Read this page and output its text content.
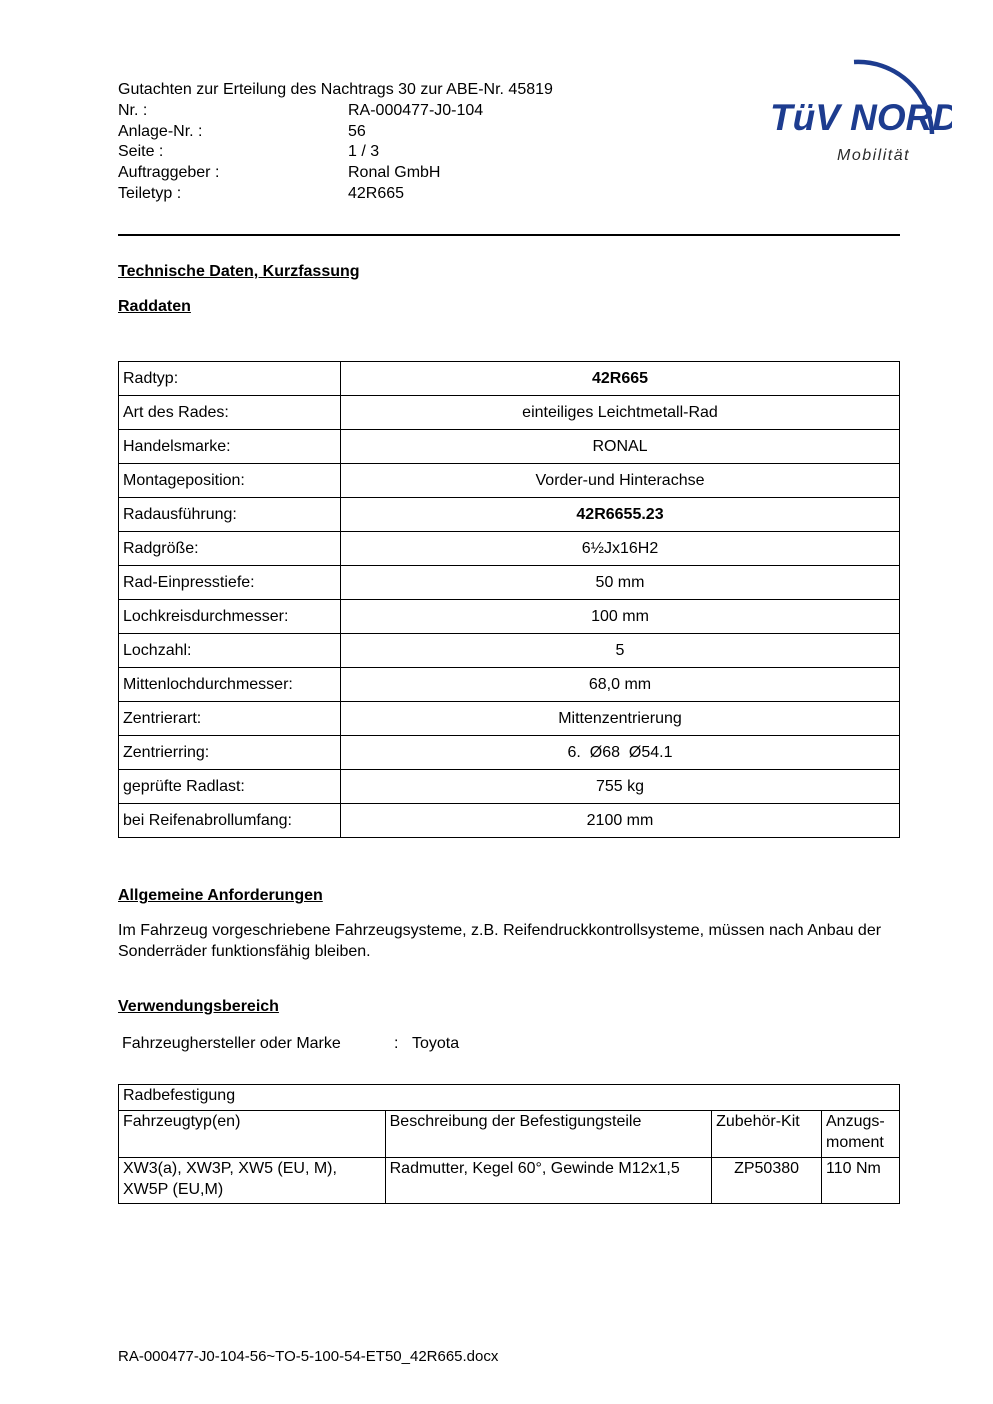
TüV NORD
Mobilität
Gutachten zur Erteilung des Nachtrags 30 zur ABE-Nr. 45819
Nr. :	RA-000477-J0-104
Anlage-Nr. :	56
Seite :	1 / 3
Auftraggeber :	Ronal GmbH
Teiletyp :	42R665
Technische Daten, Kurzfassung
Raddaten
Radtyp:	42R665
Art des Rades:	einteiliges Leichtmetall-Rad
Handelsmarke:	RONAL
Montageposition:	Vorder-und Hinterachse
Radausführung:	42R6655.23
Radgröße:	6½Jx16H2
Rad-Einpresstiefe:	50 mm
Lochkreisdurchmesser:	100 mm
Lochzahl:	5
Mittenlochdurchmesser:	68,0 mm
Zentrierart:	Mittenzentrierung
Zentrierring:	6.  Ø68  Ø54.1
geprüfte Radlast:	755 kg
bei Reifenabrollumfang:	2100 mm
Allgemeine Anforderungen
Im Fahrzeug vorgeschriebene Fahrzeugsysteme, z.B. Reifendruckkontrollsysteme, müssen nach Anbau der Sonderräder funktionsfähig bleiben.
Verwendungsbereich
Fahrzeughersteller oder Marke	: Toyota
Radbefestigung			
Fahrzeugtyp(en)	Beschreibung der Befestigungsteile	Zubehör-Kit	Anzugs-moment
XW3(a), XW3P, XW5 (EU, M), XW5P (EU,M)	Radmutter, Kegel 60°, Gewinde M12x1,5	ZP50380	110 Nm
RA-000477-J0-104-56~TO-5-100-54-ET50_42R665.docx
